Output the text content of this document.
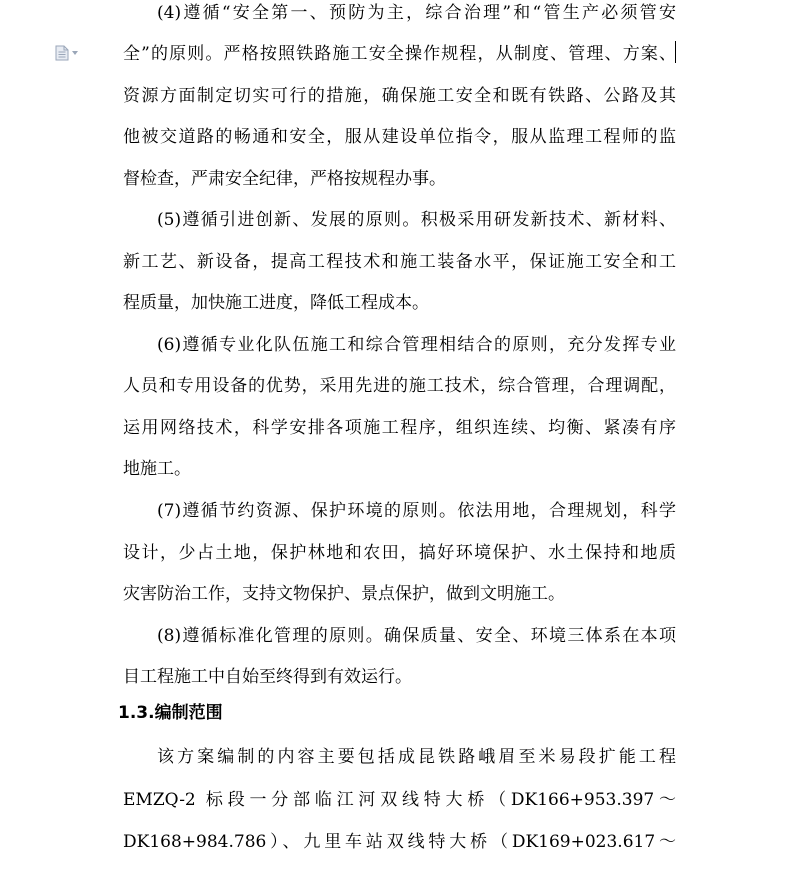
(4)遵循“安全第一、预防为主，综合治理”和“管生产必须管安
全”的原则。严格按照铁路施工安全操作规程，从制度、管理、方案、
资源方面制定切实可行的措施，确保施工安全和既有铁路、公路及其
他被交道路的畅通和安全，服从建设单位指令，服从监理工程师的监
督检查，严肃安全纪律，严格按规程办事。
(5)遵循引进创新、发展的原则。积极采用研发新技术、新材料、
新工艺、新设备，提高工程技术和施工装备水平，保证施工安全和工
程质量，加快施工进度，降低工程成本。
(6)遵循专业化队伍施工和综合管理相结合的原则，充分发挥专业
人员和专用设备的优势，采用先进的施工技术，综合管理，合理调配，
运用网络技术，科学安排各项施工程序，组织连续、均衡、紧凑有序
地施工。
(7)遵循节约资源、保护环境的原则。依法用地，合理规划，科学
设计，少占土地，保护林地和农田，搞好环境保护、水土保持和地质
灾害防治工作，支持文物保护、景点保护，做到文明施工。
(8)遵循标准化管理的原则。确保质量、安全、环境三体系在本项
目工程施工中自始至终得到有效运行。
1.3.编制范围
该方案编制的内容主要包括成昆铁路峨眉至米易段扩能工程
EMZQ-2 标段一分部临江河双线特大桥（DK166+953.397～
DK168+984.786）、九里车站双线特大桥（DK169+023.617～
